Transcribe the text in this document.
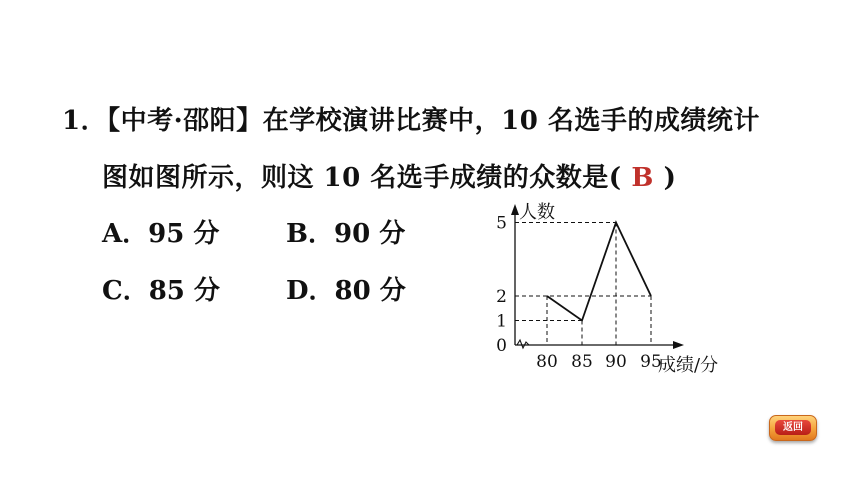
1．【中考·邵阳】在学校演讲比赛中，10 名选手的成绩统计
图如图所示，则这 10 名选手成绩的众数是( B )
A．95 分	B．90 分
C．85 分	D．80 分
0
1
2
5
80 85 90 95
人数
成绩/分
返回
